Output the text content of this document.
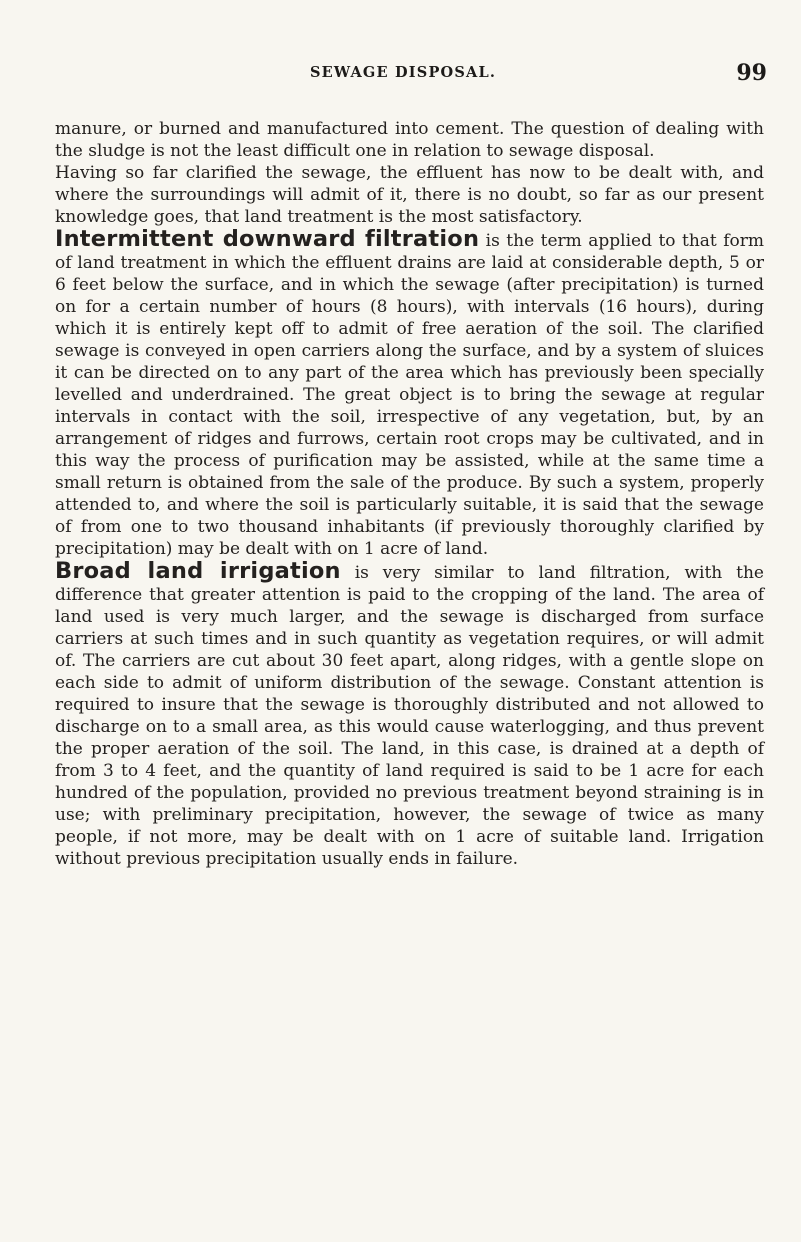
SEWAGE DISPOSAL.	99

manure, or burned and manufactured into cement. The question of dealing with the sludge is not the least difficult one in relation to sewage disposal.

Having so far clarified the sewage, the effluent has now to be dealt with, and where the surroundings will admit of it, there is no doubt, so far as our present knowledge goes, that land treatment is the most satisfactory.

Intermittent downward filtration is the term applied to that form of land treatment in which the effluent drains are laid at considerable depth, 5 or 6 feet below the surface, and in which the sewage (after precipitation) is turned on for a certain number of hours (8 hours), with intervals (16 hours), during which it is entirely kept off to admit of free aeration of the soil. The clarified sewage is conveyed in open carriers along the surface, and by a system of sluices it can be directed on to any part of the area which has previously been specially levelled and underdrained. The great object is to bring the sewage at regular intervals in contact with the soil, irrespective of any vegetation, but, by an arrangement of ridges and furrows, certain root crops may be cultivated, and in this way the process of purification may be assisted, while at the same time a small return is obtained from the sale of the produce. By such a system, properly attended to, and where the soil is particularly suitable, it is said that the sewage of from one to two thousand inhabitants (if previously thoroughly clarified by precipitation) may be dealt with on 1 acre of land.

Broad land irrigation is very similar to land filtration, with the difference that greater attention is paid to the cropping of the land. The area of land used is very much larger, and the sewage is discharged from surface carriers at such times and in such quantity as vegetation requires, or will admit of. The carriers are cut about 30 feet apart, along ridges, with a gentle slope on each side to admit of uniform distribution of the sewage. Constant attention is required to insure that the sewage is thoroughly distributed and not allowed to discharge on to a small area, as this would cause waterlogging, and thus prevent the proper aeration of the soil. The land, in this case, is drained at a depth of from 3 to 4 feet, and the quantity of land required is said to be 1 acre for each hundred of the population, provided no previous treatment beyond straining is in use; with preliminary precipitation, however, the sewage of twice as many people, if not more, may be dealt with on 1 acre of suitable land. Irrigation without previous precipitation usually ends in failure.
